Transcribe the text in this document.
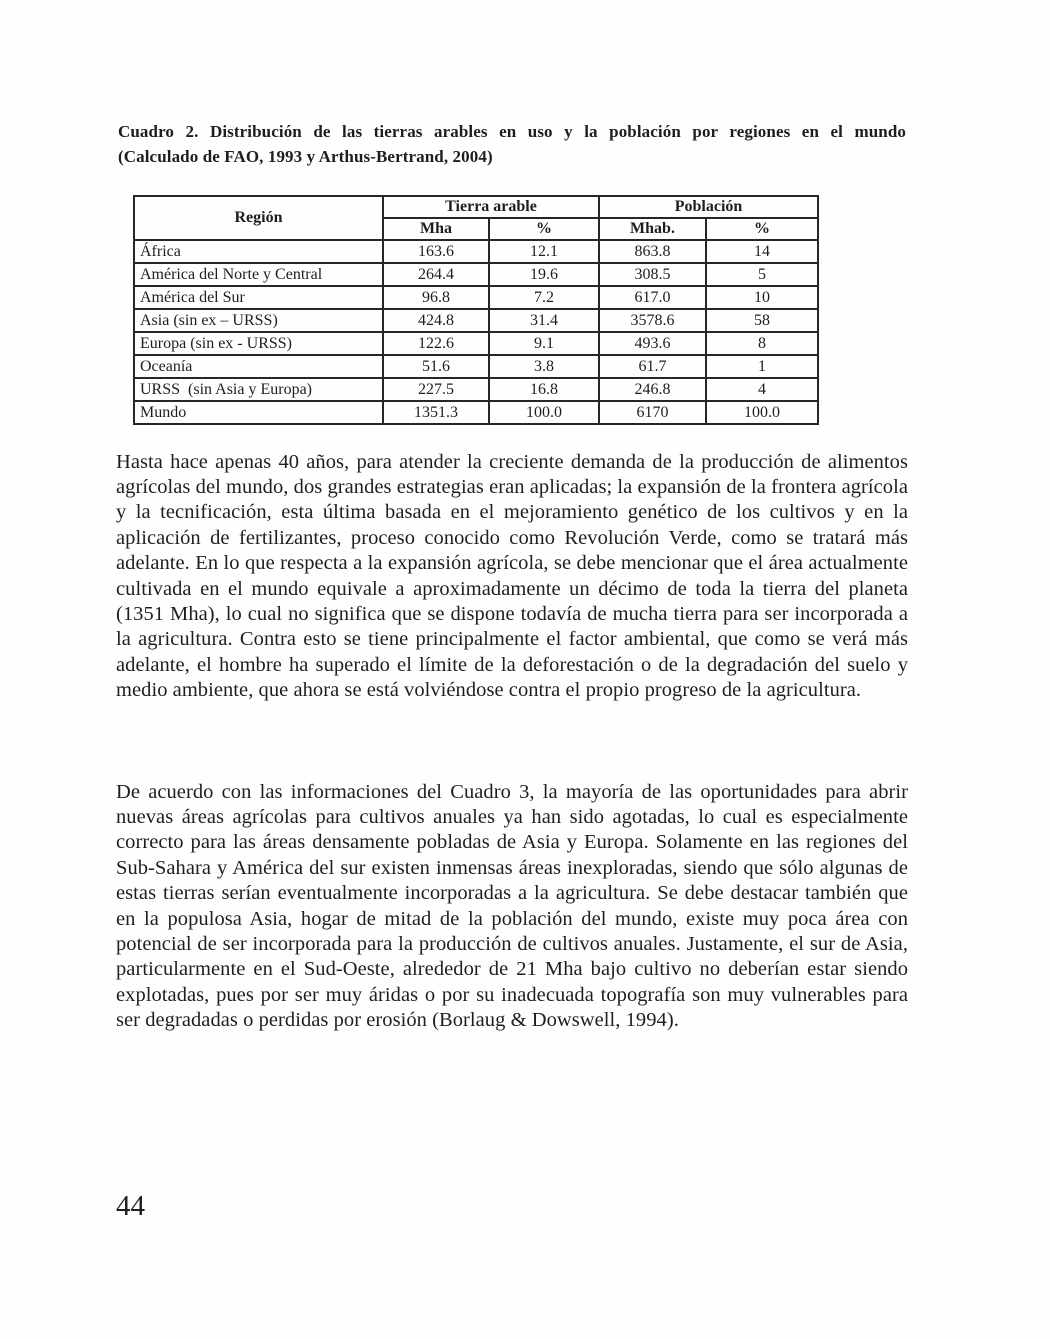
Cuadro 2. Distribución de las tierras arables en uso y la población por regiones en el mundo
(Calculado de FAO, 1993 y Arthus-Bertrand, 2004)
Región	Tierra arable		Población	
	Mha	%	Mhab.	%
África	163.6	12.1	863.8	14
América del Norte y Central	264.4	19.6	308.5	5
América del Sur	96.8	7.2	617.0	10
Asia (sin ex – URSS)	424.8	31.4	3578.6	58
Europa (sin ex - URSS)	122.6	9.1	493.6	8
Oceanía	51.6	3.8	61.7	1
URSS  (sin Asia y Europa)	227.5	16.8	246.8	4
Mundo	1351.3	100.0	6170	100.0

Hasta hace apenas 40 años, para atender la creciente demanda de la producción de alimentos agrícolas del mundo, dos grandes estrategias eran aplicadas; la expansión de la frontera agrícola y la tecnificación, esta última basada en el mejoramiento genético de los cultivos y en la aplicación de fertilizantes, proceso conocido como Revolución Verde, como se tratará más adelante. En lo que respecta a la expansión agrícola, se debe mencionar que el área actualmente cultivada en el mundo equivale a aproximadamente un décimo de toda la tierra del planeta (1351 Mha), lo cual no significa que se dispone todavía de mucha tierra para ser incorporada a la agricultura. Contra esto se tiene principalmente el factor ambiental, que como se verá más adelante, el hombre ha superado el límite de la deforestación o de la degradación del suelo y medio ambiente, que ahora se está volviéndose contra el propio progreso de la agricultura.

De acuerdo con las informaciones del Cuadro 3, la mayoría de las oportunidades para abrir nuevas áreas agrícolas para cultivos anuales ya han sido agotadas, lo cual es especialmente correcto para las áreas densamente pobladas de Asia y Europa. Solamente en las regiones del Sub-Sahara y América del sur existen inmensas áreas inexploradas, siendo que sólo algunas de estas tierras serían eventualmente incorporadas a la agricultura. Se debe destacar también que en la populosa Asia, hogar de mitad de la población del mundo, existe muy poca área con potencial de ser incorporada para la producción de cultivos anuales. Justamente, el sur de Asia, particularmente en el Sud-Oeste, alrededor de 21 Mha bajo cultivo no deberían estar siendo explotadas, pues por ser muy áridas o por su inadecuada topografía son muy vulnerables para ser degradadas o perdidas por erosión (Borlaug & Dowswell, 1994).

44
